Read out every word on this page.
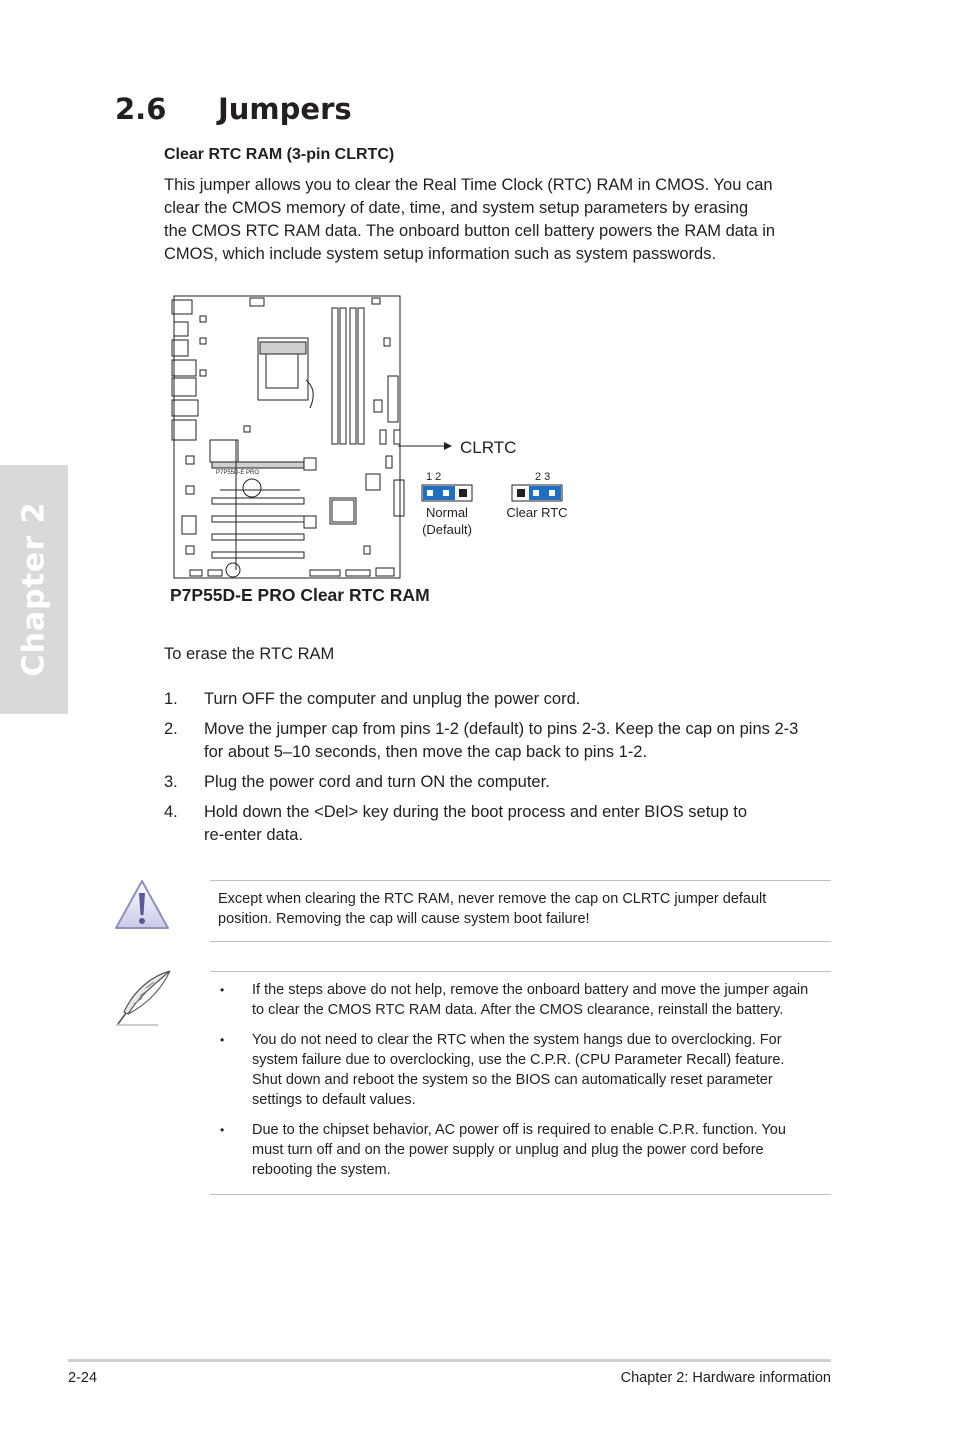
Chapter 2
2.6 Jumpers
Clear RTC RAM (3-pin CLRTC)

This jumper allows you to clear the Real Time Clock (RTC) RAM in CMOS. You can
clear the CMOS memory of date, time, and system setup parameters by erasing
the CMOS RTC RAM data. The onboard button cell battery powers the RAM data in
CMOS, which include system setup information such as system passwords.

P7P55D-E PRO
CLRTC
1 2
Normal
(Default)
2 3
Clear RTC
P7P55D-E PRO Clear RTC RAM

To erase the RTC RAM

1. Turn OFF the computer and unplug the power cord.
2. Move the jumper cap from pins 1-2 (default) to pins 2-3. Keep the cap on pins 2-3
for about 5–10 seconds, then move the cap back to pins 1-2.
3. Plug the power cord and turn ON the computer.
4. Hold down the <Del> key during the boot process and enter BIOS setup to
re-enter data.

Except when clearing the RTC RAM, never remove the cap on CLRTC jumper default
position. Removing the cap will cause system boot failure!

• If the steps above do not help, remove the onboard battery and move the jumper again
to clear the CMOS RTC RAM data. After the CMOS clearance, reinstall the battery.
• You do not need to clear the RTC when the system hangs due to overclocking. For
system failure due to overclocking, use the C.P.R. (CPU Parameter Recall) feature.
Shut down and reboot the system so the BIOS can automatically reset parameter
settings to default values.
• Due to the chipset behavior, AC power off is required to enable C.P.R. function. You
must turn off and on the power supply or unplug and plug the power cord before
rebooting the system.
2-24	Chapter 2: Hardware information
